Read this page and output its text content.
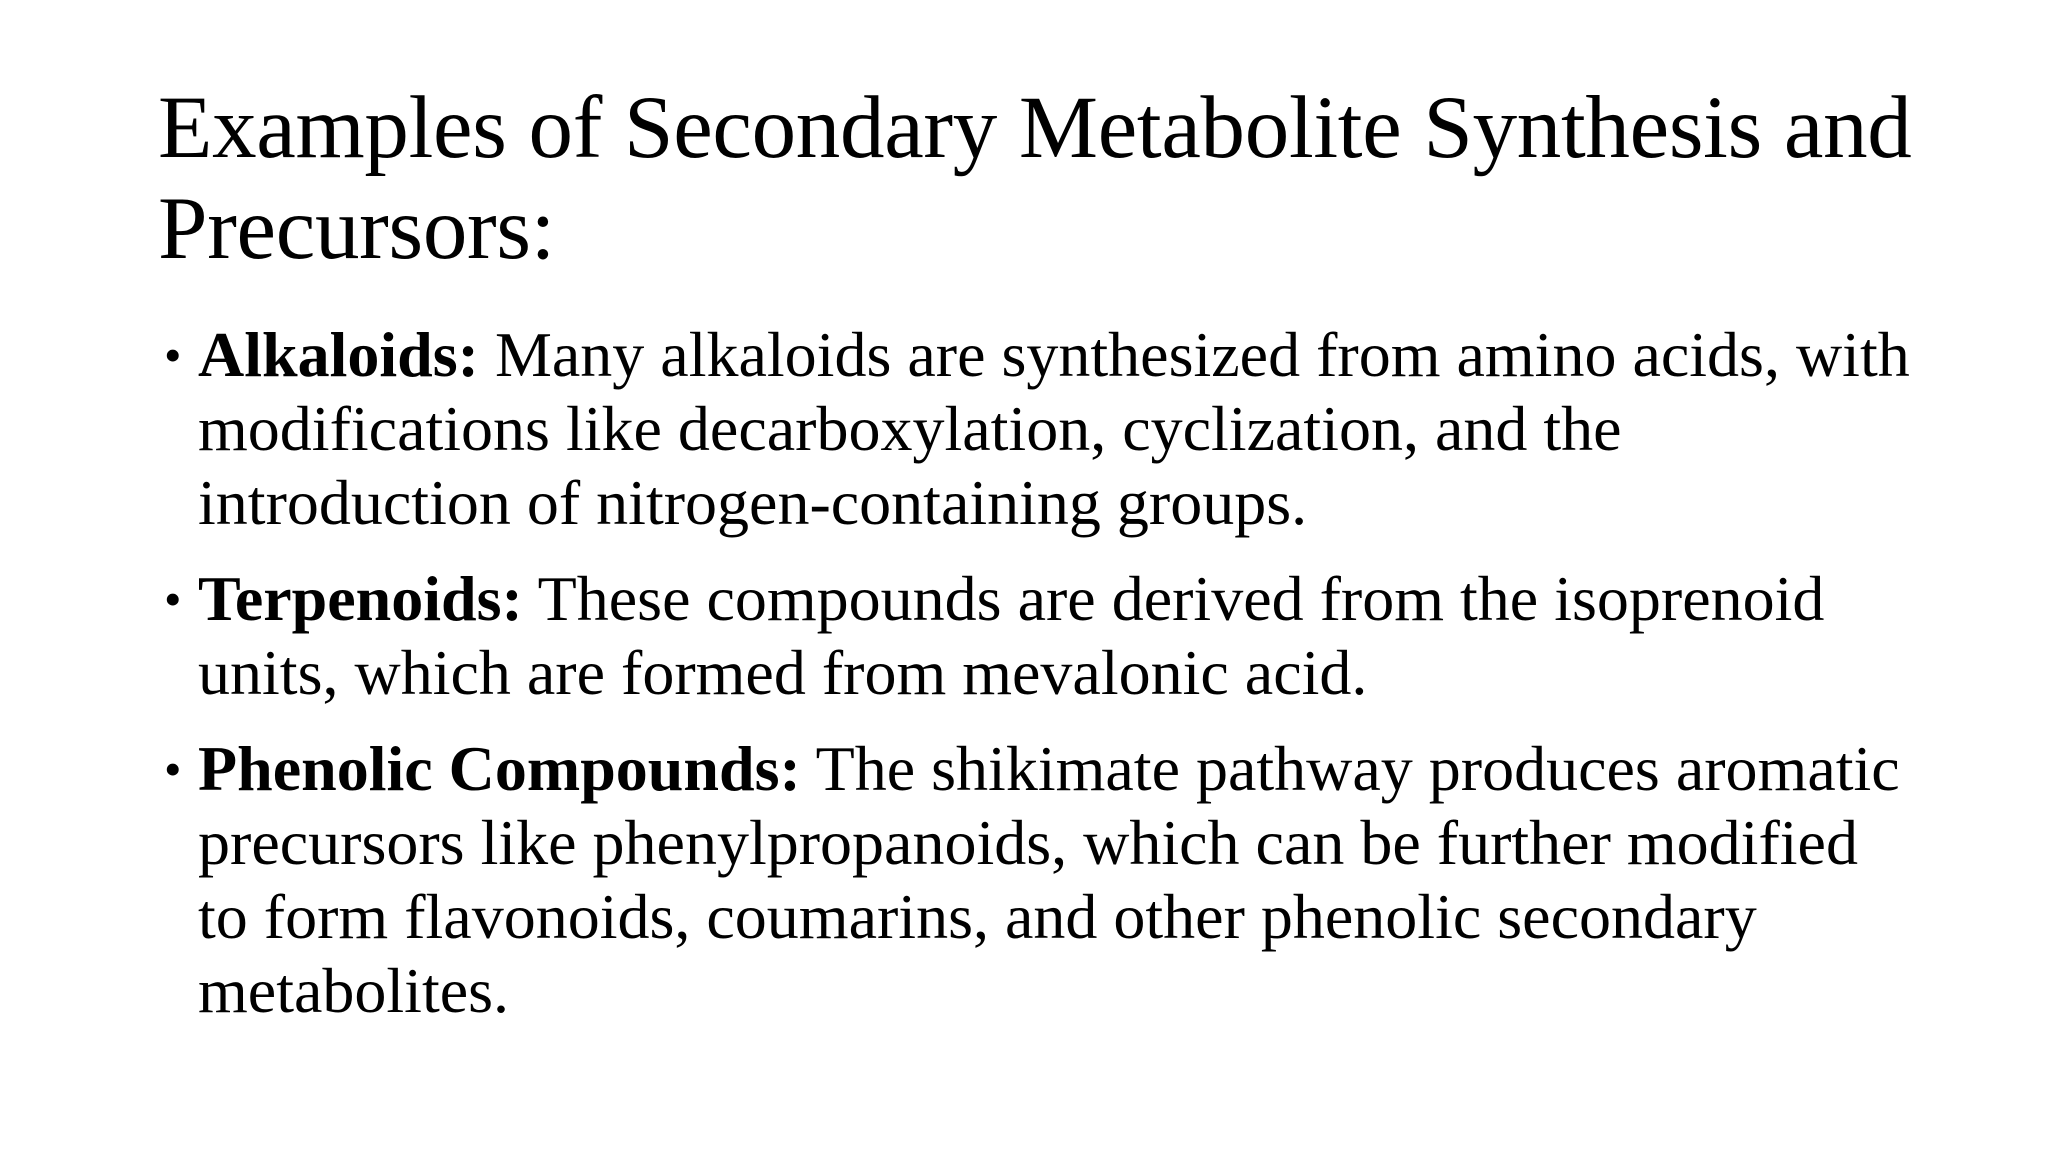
Examples of Secondary Metabolite Synthesis and Precursors:
• Alkaloids: Many alkaloids are synthesized from amino acids, with modifications like decarboxylation, cyclization, and the introduction of nitrogen-containing groups.
• Terpenoids: These compounds are derived from the isoprenoid units, which are formed from mevalonic acid.
• Phenolic Compounds: The shikimate pathway produces aromatic precursors like phenylpropanoids, which can be further modified to form flavonoids, coumarins, and other phenolic secondary metabolites.
